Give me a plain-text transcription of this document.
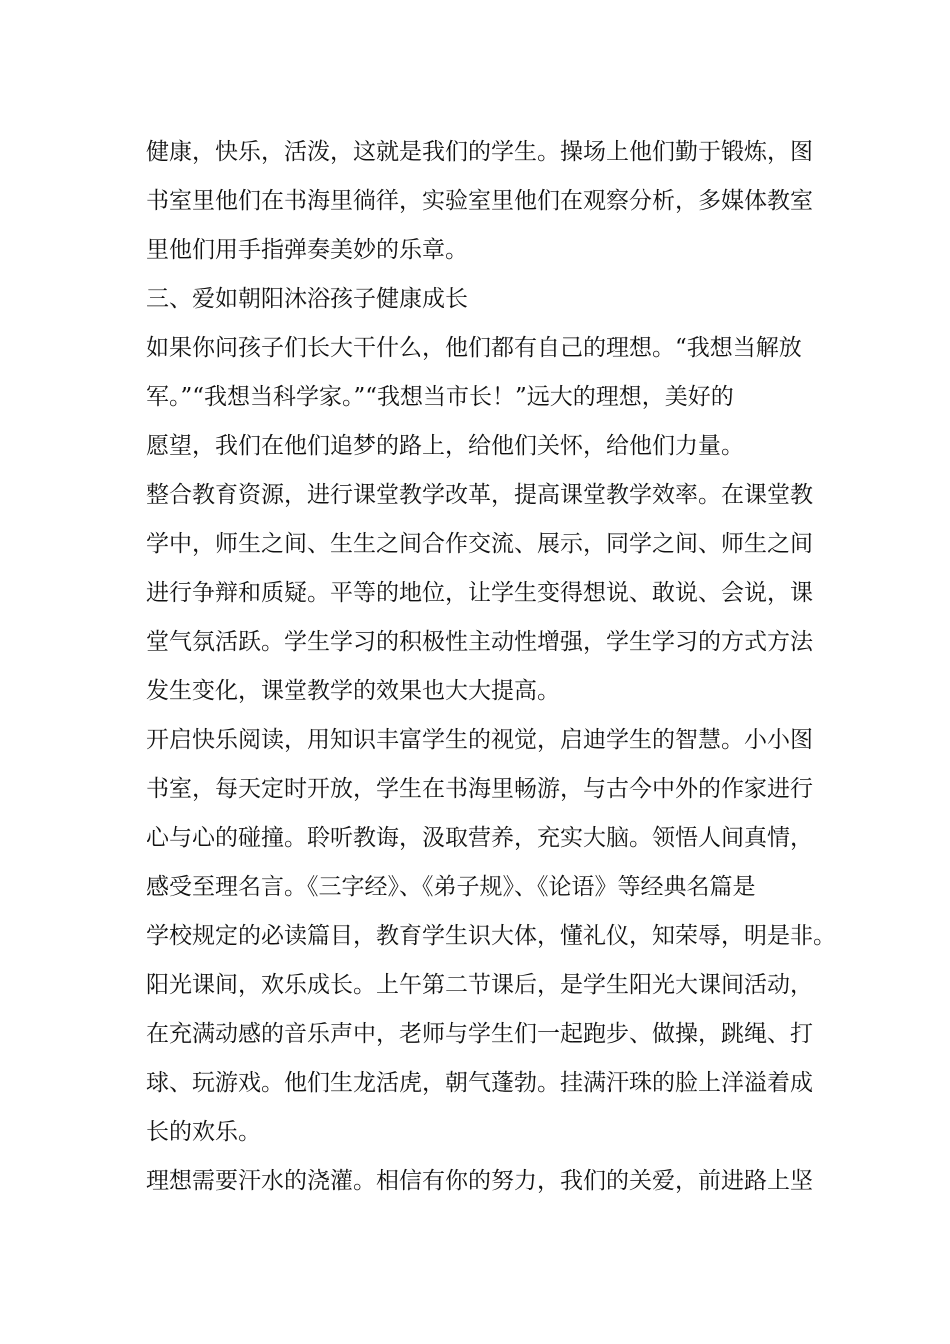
健康，快乐，活泼，这就是我们的学生。操场上他们勤于锻炼，图
书室里他们在书海里徜徉，实验室里他们在观察分析，多媒体教室
里他们用手指弹奏美妙的乐章。
三、爱如朝阳沐浴孩子健康成长
如果你问孩子们长大干什么，他们都有自己的理想。“我想当解放
军。”“我想当科学家。”“我想当市长！”远大的理想，美好的
愿望，我们在他们追梦的路上，给他们关怀，给他们力量。
整合教育资源，进行课堂教学改革，提高课堂教学效率。在课堂教
学中，师生之间、生生之间合作交流、展示，同学之间、师生之间
进行争辩和质疑。平等的地位，让学生变得想说、敢说、会说，课
堂气氛活跃。学生学习的积极性主动性增强，学生学习的方式方法
发生变化，课堂教学的效果也大大提高。
开启快乐阅读，用知识丰富学生的视觉，启迪学生的智慧。小小图
书室，每天定时开放，学生在书海里畅游，与古今中外的作家进行
心与心的碰撞。聆听教诲，汲取营养，充实大脑。领悟人间真情，
感受至理名言。《三字经》、《弟子规》、《论语》等经典名篇是
学校规定的必读篇目，教育学生识大体，懂礼仪，知荣辱，明是非。
阳光课间，欢乐成长。上午第二节课后，是学生阳光大课间活动，
在充满动感的音乐声中，老师与学生们一起跑步、做操，跳绳、打
球、玩游戏。他们生龙活虎，朝气蓬勃。挂满汗珠的脸上洋溢着成
长的欢乐。
理想需要汗水的浇灌。相信有你的努力，我们的关爱，前进路上坚
